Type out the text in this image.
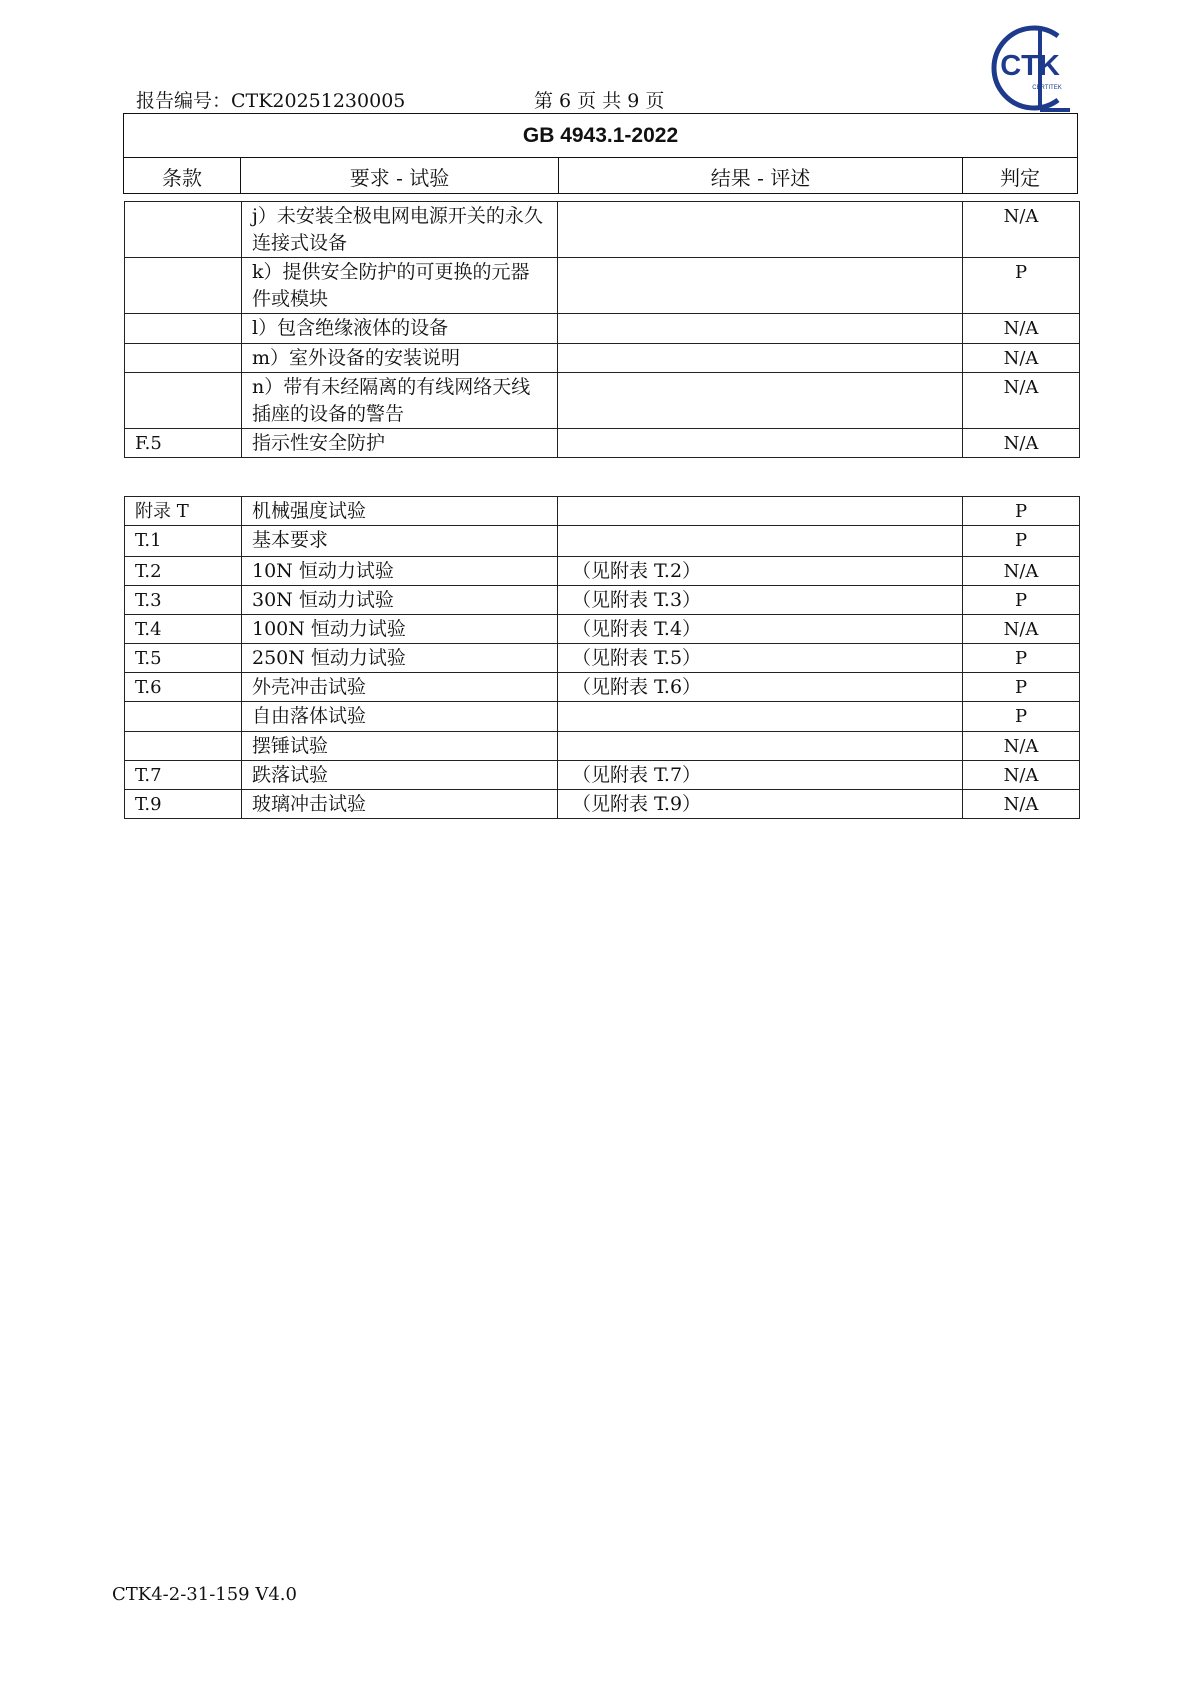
报告编号：CTK20251230005	第 6 页 共 9 页
CTK
CERTITEK
GB 4943.1-2022
条款	要求 - 试验	结果 - 评述	判定
	j）未安装全极电网电源开关的永久连接式设备		N/A
	k）提供安全防护的可更换的元器件或模块		P
	l）包含绝缘液体的设备		N/A
	m）室外设备的安装说明		N/A
	n）带有未经隔离的有线网络天线插座的设备的警告		N/A
F.5	指示性安全防护		N/A
附录 T	机械强度试验		P
T.1	基本要求		P
T.2	10N 恒动力试验	（见附表 T.2）	N/A
T.3	30N 恒动力试验	（见附表 T.3）	P
T.4	100N 恒动力试验	（见附表 T.4）	N/A
T.5	250N 恒动力试验	（见附表 T.5）	P
T.6	外壳冲击试验	（见附表 T.6）	P
	自由落体试验		P
	摆锤试验		N/A
T.7	跌落试验	（见附表 T.7）	N/A
T.9	玻璃冲击试验	（见附表 T.9）	N/A
CTK4-2-31-159 V4.0
